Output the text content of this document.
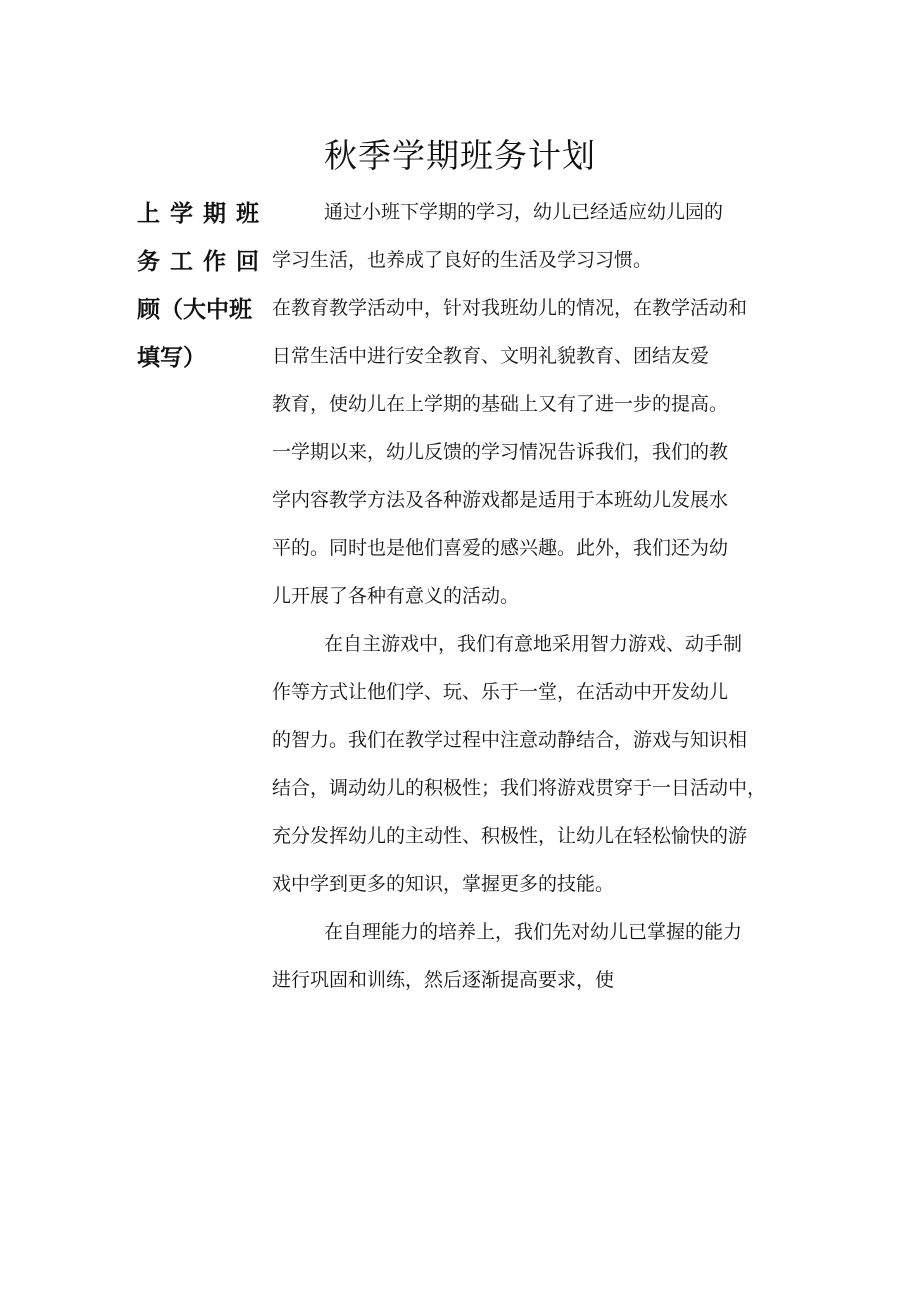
秋季学期班务计划
上学期班
务工作回
顾（大中班
填写）
通过小班下学期的学习，幼儿已经适应幼儿园的
学习生活，也养成了良好的生活及学习习惯。
在教育教学活动中，针对我班幼儿的情况，在教学活动和
日常生活中进行安全教育、文明礼貌教育、团结友爱
教育，使幼儿在上学期的基础上又有了进一步的提高。
一学期以来，幼儿反馈的学习情况告诉我们，我们的教
学内容教学方法及各种游戏都是适用于本班幼儿发展水
平的。同时也是他们喜爱的感兴趣。此外，我们还为幼
儿开展了各种有意义的活动。
在自主游戏中，我们有意地采用智力游戏、动手制
作等方式让他们学、玩、乐于一堂，在活动中开发幼儿
的智力。我们在教学过程中注意动静结合，游戏与知识相
结合，调动幼儿的积极性；我们将游戏贯穿于一日活动中，
充分发挥幼儿的主动性、积极性，让幼儿在轻松愉快的游
戏中学到更多的知识，掌握更多的技能。
在自理能力的培养上，我们先对幼儿已掌握的能力
进行巩固和训练，然后逐渐提高要求，使
